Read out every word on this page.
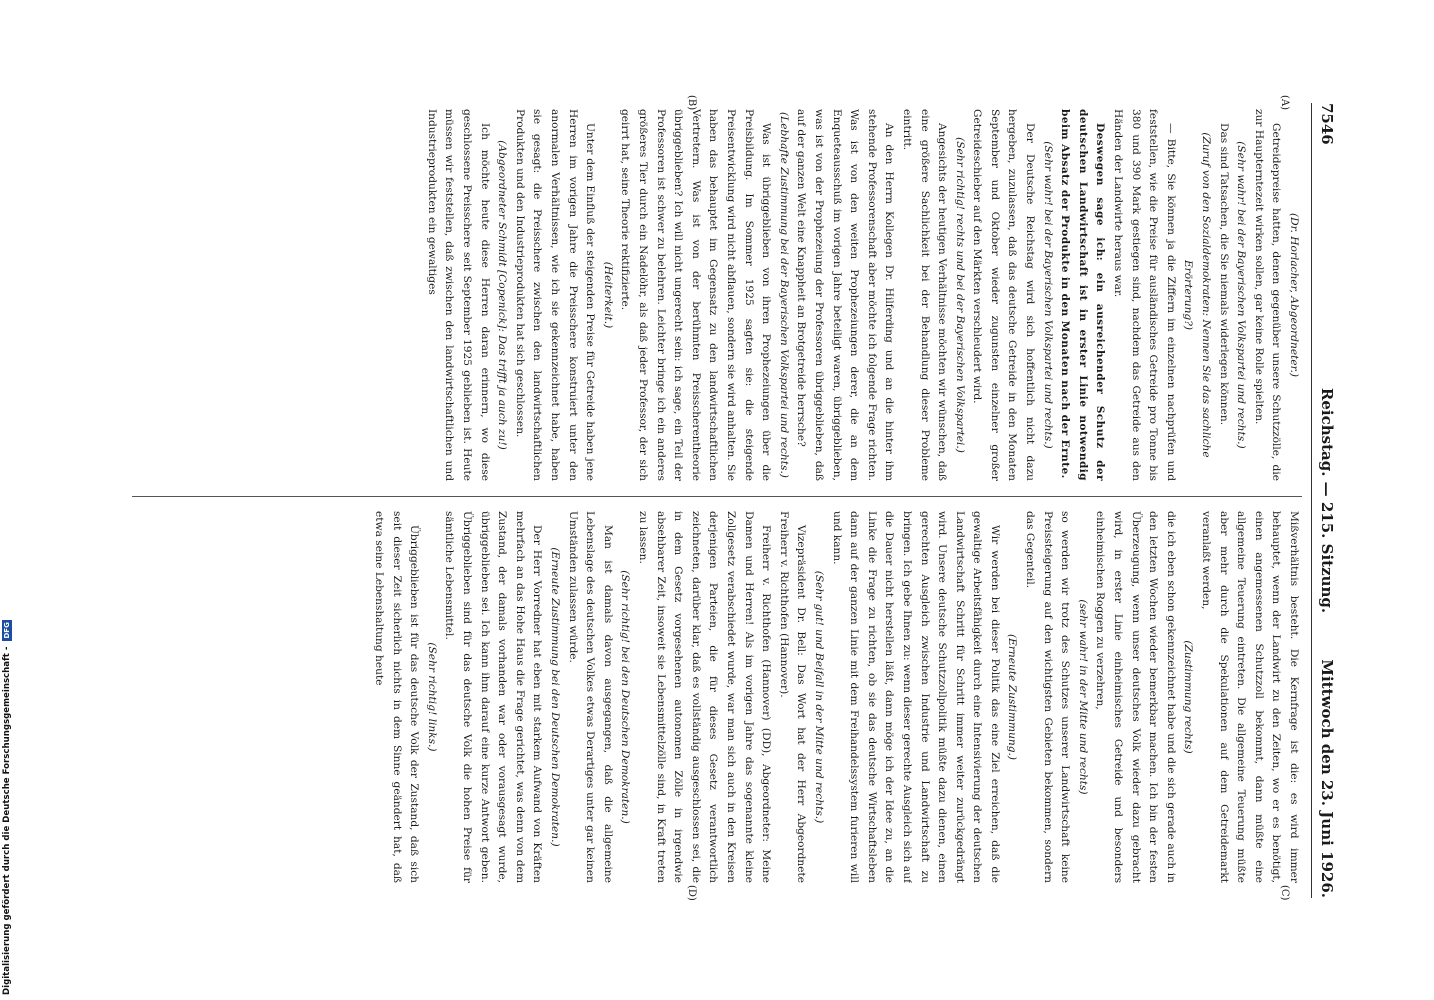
7546
Reichstag. — 215. Sitzung.
Mittwoch den 23. Juni 1926.
(A)
(B)
(C)
(D)

(Dr. Horlacher, Abgeordneter.)

Getreidepreise hatten, denen gegenüber unsere Schutzzölle, die zur Haupterntezeit wirken sollen, gar keine Rolle spielten.

(Sehr wahr! bei der Bayerischen Volkspartei und rechts.)

Das sind Tatsachen, die Sie niemals widerlegen können.

(Zuruf von den Sozialdemokraten: Nennen Sie das sachliche Erörterung?)

— Bitte, Sie können ja die Ziffern im einzelnen nachprüfen und feststellen, wie die Preise für ausländisches Getreide pro Tonne bis 380 und 390 Mark gestiegen sind, nachdem das Getreide aus den Händen der Landwirte heraus war.

Deswegen sage ich: ein ausreichender Schutz der deutschen Landwirtschaft ist in erster Linie notwendig beim Absatz der Produkte in den Monaten nach der Ernte.

(Sehr wahr! bei der Bayerischen Volkspartei und rechts.)

Der Deutsche Reichstag wird sich hoffentlich nicht dazu hergeben, zuzulassen, daß das deutsche Getreide in den Monaten September und Oktober wieder zugunsten einzelner großer Getreideschieber auf den Märkten verschleudert wird.

(Sehr richtig! rechts und bei der Bayerischen Volkspartei.)

Angesichts der heutigen Verhältnisse möchten wir wünschen, daß eine größere Sachlichkeit bei der Behandlung dieser Probleme eintritt.

An den Herrn Kollegen Dr. Hilferding und an die hinter ihm stehende Professorenschaft aber möchte ich folgende Frage richten. Was ist von den weiten Prophezeiungen derer, die an dem Enqueteausschuß im vorigen Jahre beteiligt waren, übriggeblieben, was ist von der Prophezeiung der Professoren übriggeblieben, daß auf der ganzen Welt eine Knappheit an Brotgetreide herrsche?

(Lebhafte Zustimmung bei der Bayerischen Volkspartei und rechts.)

Was ist übriggeblieben von ihren Prophezeiungen über die Preisbildung. Im Sommer 1925 sagten sie: die steigende Preisentwicklung wird nicht abflauen, sondern sie wird anhalten. Sie haben das behauptet im Gegensatz zu den landwirtschaftlichen Vertretern. Was ist von der berühmten Preisscherentheorie übriggeblieben? Ich will nicht ungerecht sein: ich sage, ein Teil der Professoren ist schwer zu belehren. Leichter bringe ich ein anderes größeres Tier durch ein Nadelöhr, als daß jeder Professor, der sich geirrt hat, seine Theorie rektifizierte.

(Heiterkeit.)

Unter dem Einfluß der steigenden Preise für Getreide haben jene Herren im vorigen Jahre die Preisschere konstruiert unter den anormalen Verhältnissen, wie ich sie gekennzeichnet habe, haben sie gesagt: die Preisschere zwischen den landwirtschaftlichen Produkten und den Industrieprodukten hat sich geschlossen.

(Abgeordneter Schmidt [Copenick]: Das trifft ja auch zu!)

Ich möchte heute diese Herren daran erinnern, wo diese geschlossene Preisschere seit September 1925 geblieben ist. Heute müssen wir feststellen, daß zwischen den landwirtschaftlichen und Industrieprodukten ein gewaltiges

Mißverhältnis besteht. Die Kernfrage ist die: es wird immer behauptet, wenn der Landwirt zu den Zeiten, wo er es benötigt, einen angemessenen Schutzzoll bekommt, dann müßte eine allgemeine Teuerung eintreten. Die allgemeine Teuerung müßte aber mehr durch die Spekulationen auf dem Getreidemarkt veranlaßt werden,

(Zustimmung rechts)

die ich eben schon gekennzeichnet habe und die sich gerade auch in den letzten Wochen wieder bemerkbar machen. Ich bin der festen Überzeugung, wenn unser deutsches Volk wieder dazu gebracht wird, in erster Linie einheimisches Getreide und besonders einheimischen Roggen zu verzehren,

(sehr wahr! in der Mitte und rechts)

so werden wir trotz des Schutzes unserer Landwirtschaft keine Preissteigerung auf den wichtigsten Gebieten bekommen, sondern das Gegenteil.

(Erneute Zustimmung.)

Wir werden bei dieser Politik das eine Ziel erreichen, daß die gewaltige Arbeitsfähigkeit durch eine Intensivierung der deutschen Landwirtschaft Schritt für Schritt immer weiter zurückgedrängt wird. Unsere deutsche Schutzzollpolitik müßte dazu dienen, einen gerechten Ausgleich zwischen Industrie und Landwirtschaft zu bringen. Ich gebe Ihnen zu: wenn dieser gerechte Ausgleich sich auf die Dauer nicht herstellen läßt, dann möge ich der Idee zu, an die Linke die Frage zu richten, ob sie das deutsche Wirtschaftsleben dann auf der ganzen Linie mit dem Freihandelssystem furieren will und kann.

(Sehr gut! und Beifall in der Mitte und rechts.)

Vizepräsident Dr. Bell: Das Wort hat der Herr Abgeordnete Freiherr v. Richthofen (Hannover).

Freiherr v. Richthofen (Hannover) (DD), Abgeordneter: Meine Damen und Herren! Als im vorigen Jahre das sogenannte kleine Zollgesetz verabschiedet wurde, war man sich auch in den Kreisen derjenigen Parteien, die für dieses Gesetz verantwortlich zeichneten, darüber klar, daß es vollständig ausgeschlossen sei, die in dem Gesetz vorgesehenen autonomen Zölle in irgendwie absehbarer Zeit, insoweit sie Lebensmittelzölle sind, in Kraft treten zu lassen.

(Sehr richtig! bei den Deutschen Demokraten.)

Man ist damals davon ausgegangen, daß die allgemeine Lebenslage des deutschen Volkes etwas Derartiges unter gar keinen Umständen zulassen würde.

(Erneute Zustimmung bei den Deutschen Demokraten.)

Der Herr Vorredner hat eben mit starkem Aufwand von Kräften mehrfach an das Hohe Haus die Frage gerichtet, was denn von dem Zustand, der damals vorhanden war oder vorausgesagt wurde, übriggeblieben sei. Ich kann ihm darauf eine kurze Antwort geben. Übriggeblieben sind für das deutsche Volk die hohen Preise für sämtliche Lebensmittel.

(Sehr richtig! links.)

Übriggeblieben ist für das deutsche Volk der Zustand, daß sich seit dieser Zeit sicherlich nichts in dem Sinne geändert hat, daß etwa seine Lebenshaltung heute

Digitalisierung gefördert durch die Deutsche Forschungsgemeinschaft - DFG
